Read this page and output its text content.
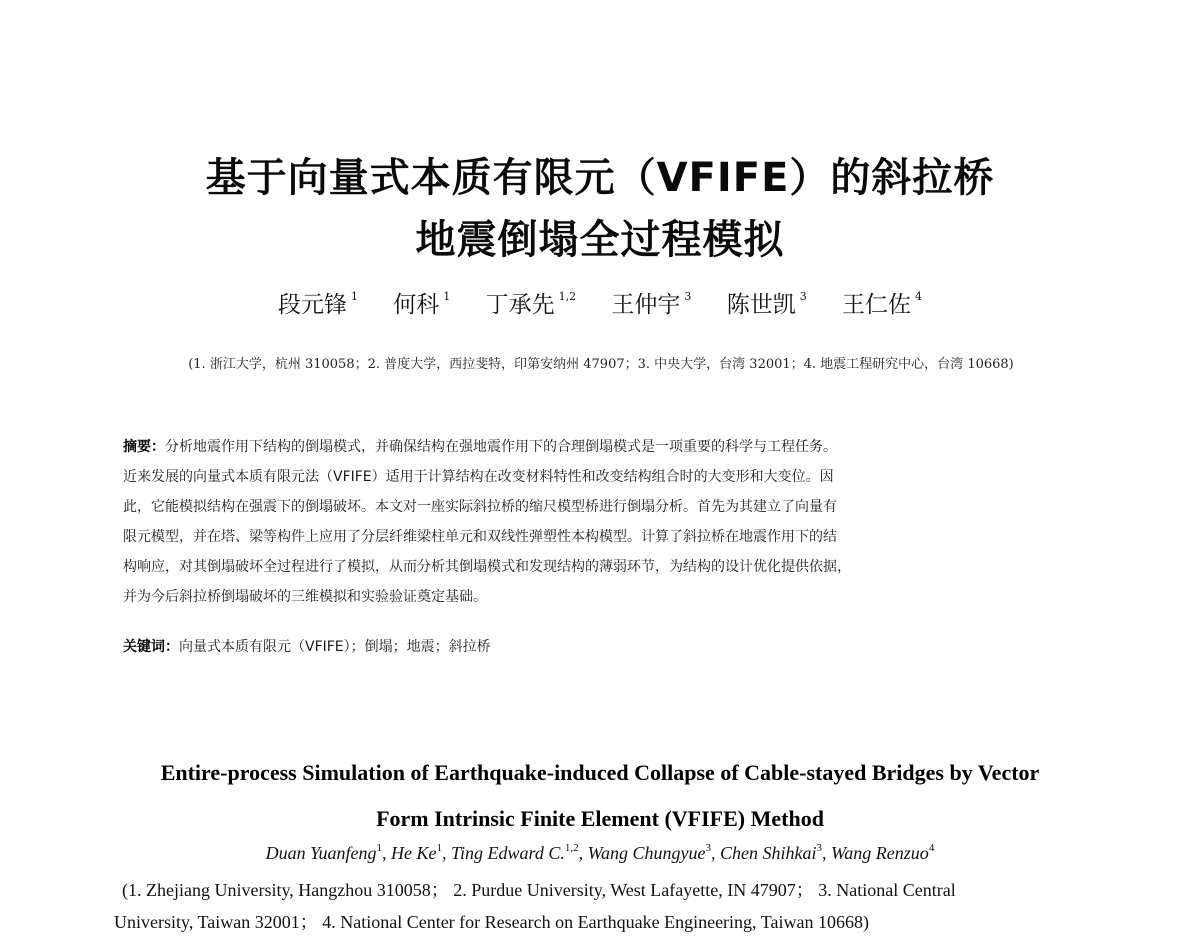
基于向量式本质有限元（VFIFE）的斜拉桥
地震倒塌全过程模拟
段元锋 $^1$ 何科 $^1$ 丁承先 $^{1,2}$ 王仲宇 $^3$ 陈世凯 $^3$ 王仁佐 $^4$
(1. 浙江大学，杭州 310058；2. 普度大学，西拉斐特，印第安纳州 47907；3. 中央大学，台湾 32001；4. 地震工程研究中心，台湾 10668)
摘要：分析地震作用下结构的倒塌模式，并确保结构在强地震作用下的合理倒塌模式是一项重要的科学与工程任务。
近来发展的向量式本质有限元法（VFIFE）适用于计算结构在改变材料特性和改变结构组合时的大变形和大变位。因
此，它能模拟结构在强震下的倒塌破坏。本文对一座实际斜拉桥的缩尺模型桥进行倒塌分析。首先为其建立了向量有
限元模型，并在塔、梁等构件上应用了分层纤维梁柱单元和双线性弹塑性本构模型。计算了斜拉桥在地震作用下的结
构响应，对其倒塌破坏全过程进行了模拟，从而分析其倒塌模式和发现结构的薄弱环节，为结构的设计优化提供依据，
并为今后斜拉桥倒塌破坏的三维模拟和实验验证奠定基础。
关键词：向量式本质有限元（VFIFE）；倒塌；地震；斜拉桥
Entire-process Simulation of Earthquake-induced Collapse of Cable-stayed Bridges by Vector
Form Intrinsic Finite Element (VFIFE) Method
Duan Yuanfeng$^1$, He Ke$^1$, Ting Edward C.$^{1,2}$, Wang Chungyue$^3$, Chen Shihkai$^3$, Wang Renzuo$^4$
(1. Zhejiang University, Hangzhou 310058； 2. Purdue University, West Lafayette, IN 47907； 3. National Central
University, Taiwan 32001； 4. National Center for Research on Earthquake Engineering, Taiwan 10668)
